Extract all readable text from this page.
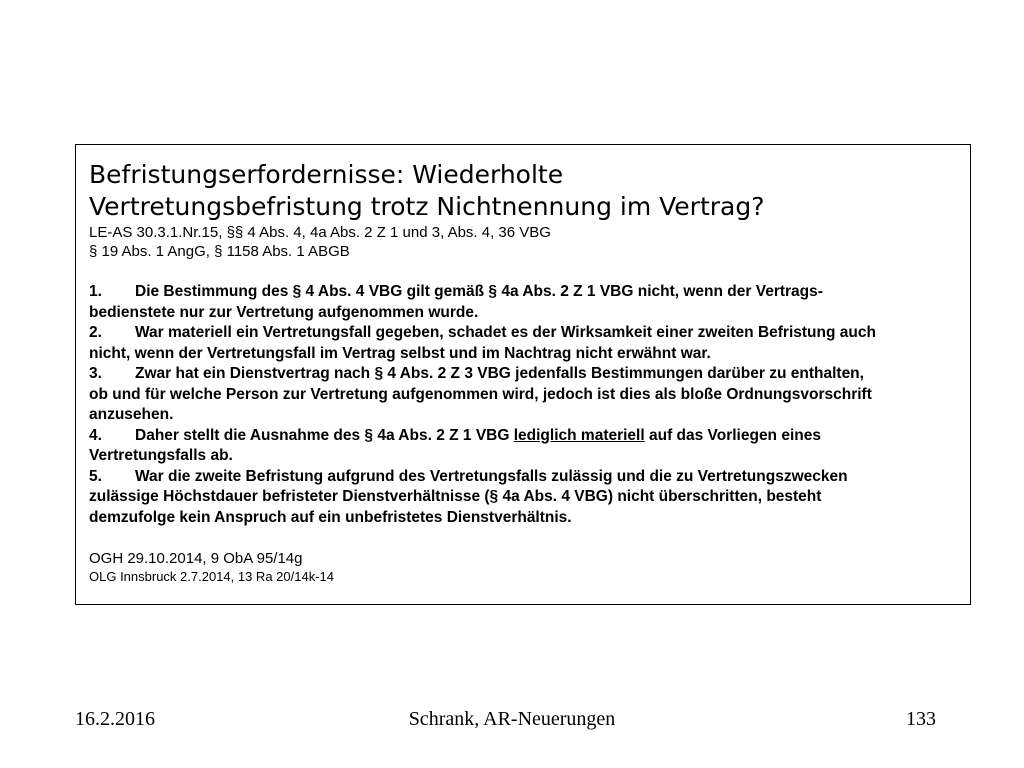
Befristungserfordernisse: Wiederholte
Vertretungsbefristung trotz Nichtnennung im Vertrag?

LE-AS 30.3.1.Nr.15, §§ 4 Abs. 4, 4a Abs. 2 Z 1 und 3, Abs. 4, 36 VBG
§ 19 Abs. 1 AngG, § 1158 Abs. 1 ABGB

1. Die Bestimmung des § 4 Abs. 4 VBG gilt gemäß § 4a Abs. 2 Z 1 VBG nicht, wenn der Vertrags-
bedienstete nur zur Vertretung aufgenommen wurde.
2. War materiell ein Vertretungsfall gegeben, schadet es der Wirksamkeit einer zweiten Befristung auch
nicht, wenn der Vertretungsfall im Vertrag selbst und im Nachtrag nicht erwähnt war.
3. Zwar hat ein Dienstvertrag nach § 4 Abs. 2 Z 3 VBG jedenfalls Bestimmungen darüber zu enthalten,
ob und für welche Person zur Vertretung aufgenommen wird, jedoch ist dies als bloße Ordnungsvorschrift
anzusehen.
4. Daher stellt die Ausnahme des § 4a Abs. 2 Z 1 VBG lediglich materiell auf das Vorliegen eines
Vertretungsfalls ab.
5. War die zweite Befristung aufgrund des Vertretungsfalls zulässig und die zu Vertretungszwecken
zulässige Höchstdauer befristeter Dienstverhältnisse (§ 4a Abs. 4 VBG) nicht überschritten, besteht
demzufolge kein Anspruch auf ein unbefristetes Dienstverhältnis.

OGH 29.10.2014, 9 ObA 95/14g

OLG Innsbruck 2.7.2014, 13 Ra 20/14k-14

16.2.2016	Schrank, AR-Neuerungen	133
